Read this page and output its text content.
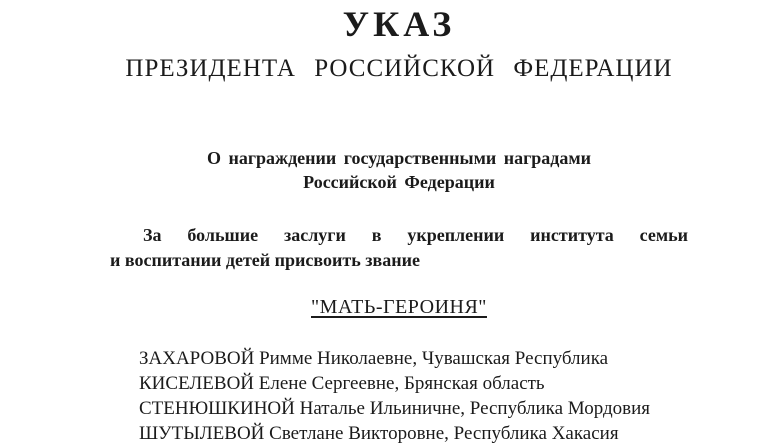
УКАЗ
ПРЕЗИДЕНТА РОССИЙСКОЙ ФЕДЕРАЦИИ
О награждении государственными наградами
Российской Федерации
За большие заслуги в укреплении института семьи
и воспитании детей присвоить звание
"МАТЬ-ГЕРОИНЯ"
ЗАХАРОВОЙ Римме Николаевне, Чувашская Республика
КИСЕЛЕВОЙ Елене Сергеевне, Брянская область
СТЕНЮШКИНОЙ Наталье Ильиничне, Республика Мордовия
ШУТЫЛЕВОЙ Светлане Викторовне, Республика Хакасия
